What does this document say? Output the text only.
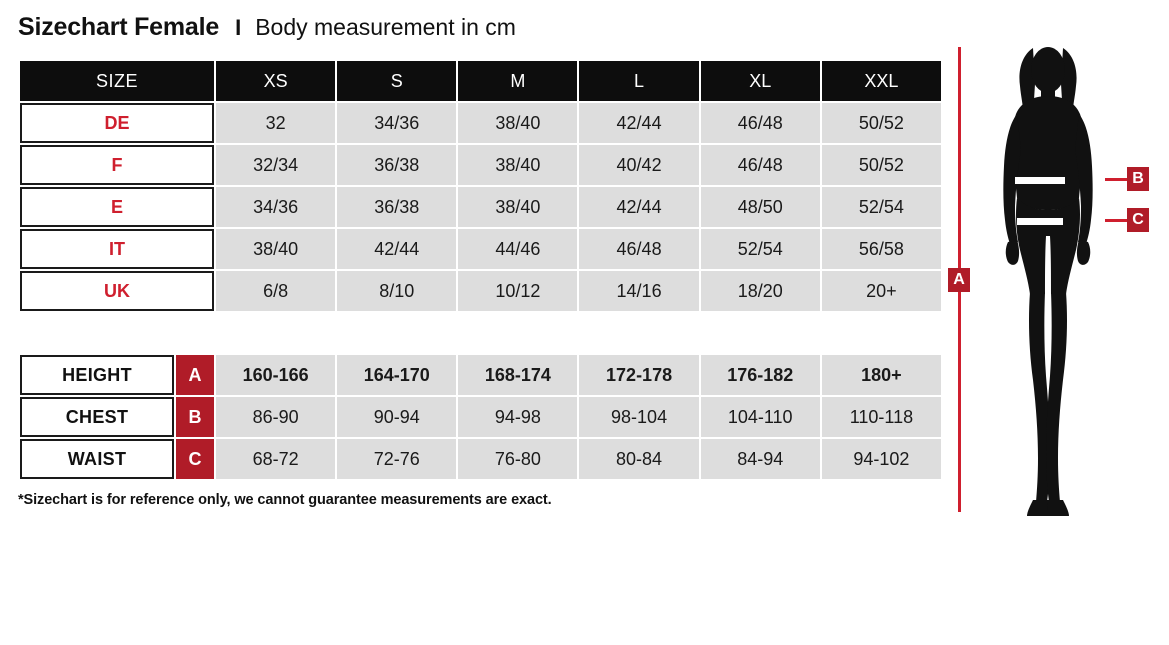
Sizechart Female I Body measurement in cm
SIZE		XS	S	M	L	XL	XXL
DE		32	34/36	38/40	42/44	46/48	50/52
F		32/34	36/38	38/40	40/42	46/48	50/52
E		34/36	36/38	38/40	42/44	48/50	52/54
IT		38/40	42/44	44/46	46/48	52/54	56/58
UK		6/8	8/10	10/12	14/16	18/20	20+

HEIGHT	A	160-166	164-170	168-174	172-178	176-182	180+
CHEST	B	86-90	90-94	94-98	98-104	104-110	110-118
WAIST	C	68-72	72-76	76-80	80-84	84-94	94-102
*Sizechart is for reference only, we cannot guarantee measurements are exact.
A
B
C
